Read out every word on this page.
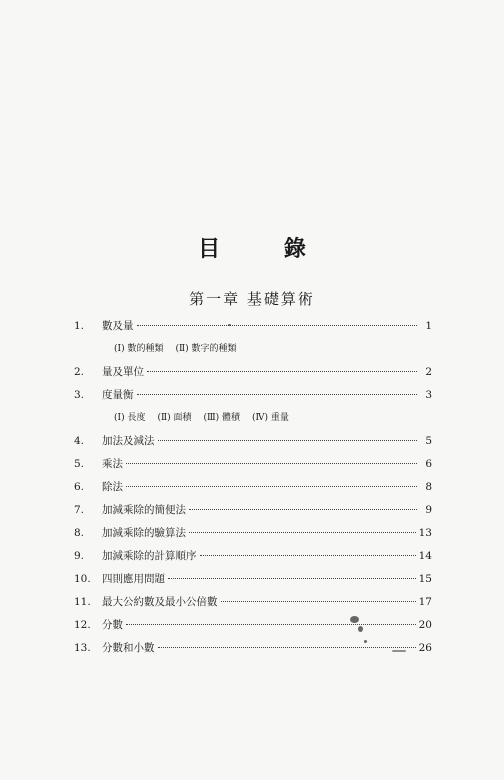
目 錄
第一章 基礎算術
1.	數及量	1
(Ⅰ) 數的種類 (Ⅱ) 數字的種類
2.	量及單位	2
3.	度量衡	3
(Ⅰ) 長度 (Ⅱ) 面積 (Ⅲ) 體積 (Ⅳ) 重量
4.	加法及減法	5
5.	乘法	6
6.	除法	8
7.	加減乘除的簡便法	9
8.	加減乘除的驗算法	13
9.	加減乘除的計算順序	14
10.	四則應用問題	15
11.	最大公約數及最小公倍數	17
12.	分數	20
13.	分數和小數	26
